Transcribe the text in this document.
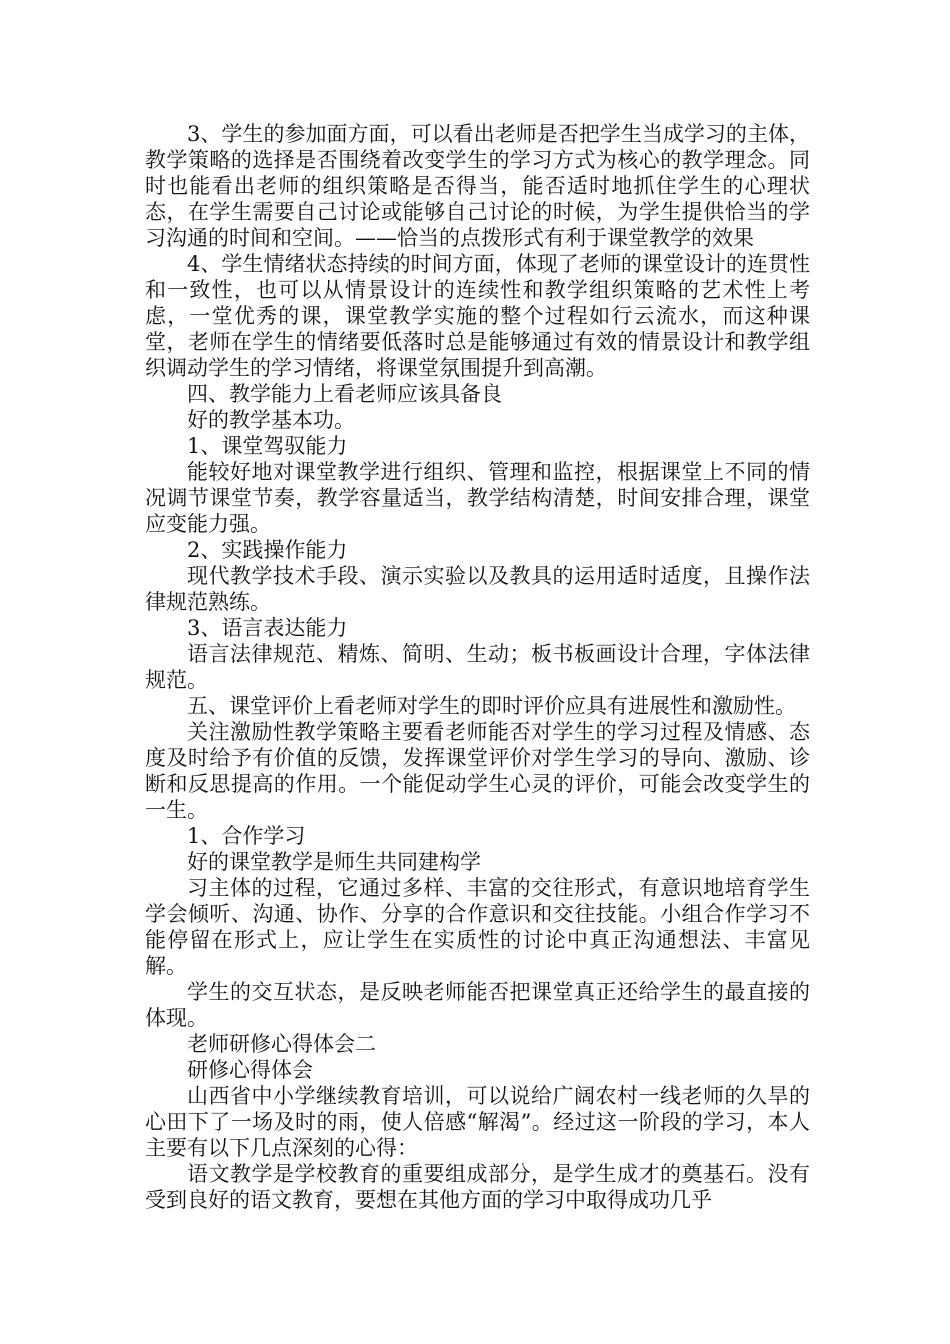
3、学生的参加面方面，可以看出老师是否把学生当成学习的主体，教学策略的选择是否围绕着改变学生的学习方式为核心的教学理念。同时也能看出老师的组织策略是否得当，能否适时地抓住学生的心理状态，在学生需要自己讨论或能够自己讨论的时候，为学生提供恰当的学习沟通的时间和空间。——恰当的点拨形式有利于课堂教学的效果

4、学生情绪状态持续的时间方面，体现了老师的课堂设计的连贯性和一致性，也可以从情景设计的连续性和教学组织策略的艺术性上考虑，一堂优秀的课，课堂教学实施的整个过程如行云流水，而这种课堂，老师在学生的情绪要低落时总是能够通过有效的情景设计和教学组织调动学生的学习情绪，将课堂氛围提升到高潮。

四、教学能力上看老师应该具备良

好的教学基本功。

1、课堂驾驭能力

能较好地对课堂教学进行组织、管理和监控，根据课堂上不同的情况调节课堂节奏，教学容量适当，教学结构清楚，时间安排合理，课堂应变能力强。

2、实践操作能力

现代教学技术手段、演示实验以及教具的运用适时适度，且操作法律规范熟练。

3、语言表达能力

语言法律规范、精炼、简明、生动；板书板画设计合理，字体法律规范。

五、课堂评价上看老师对学生的即时评价应具有进展性和激励性。

关注激励性教学策略主要看老师能否对学生的学习过程及情感、态度及时给予有价值的反馈，发挥课堂评价对学生学习的导向、激励、诊断和反思提高的作用。一个能促动学生心灵的评价，可能会改变学生的一生。

1、合作学习

好的课堂教学是师生共同建构学

习主体的过程，它通过多样、丰富的交往形式，有意识地培育学生学会倾听、沟通、协作、分享的合作意识和交往技能。小组合作学习不能停留在形式上，应让学生在实质性的讨论中真正沟通想法、丰富见解。

学生的交互状态，是反映老师能否把课堂真正还给学生的最直接的体现。

老师研修心得体会二

研修心得体会

山西省中小学继续教育培训，可以说给广阔农村一线老师的久旱的心田下了一场及时的雨，使人倍感“解渴”。经过这一阶段的学习，本人主要有以下几点深刻的心得：

语文教学是学校教育的重要组成部分，是学生成才的奠基石。没有受到良好的语文教育，要想在其他方面的学习中取得成功几乎
